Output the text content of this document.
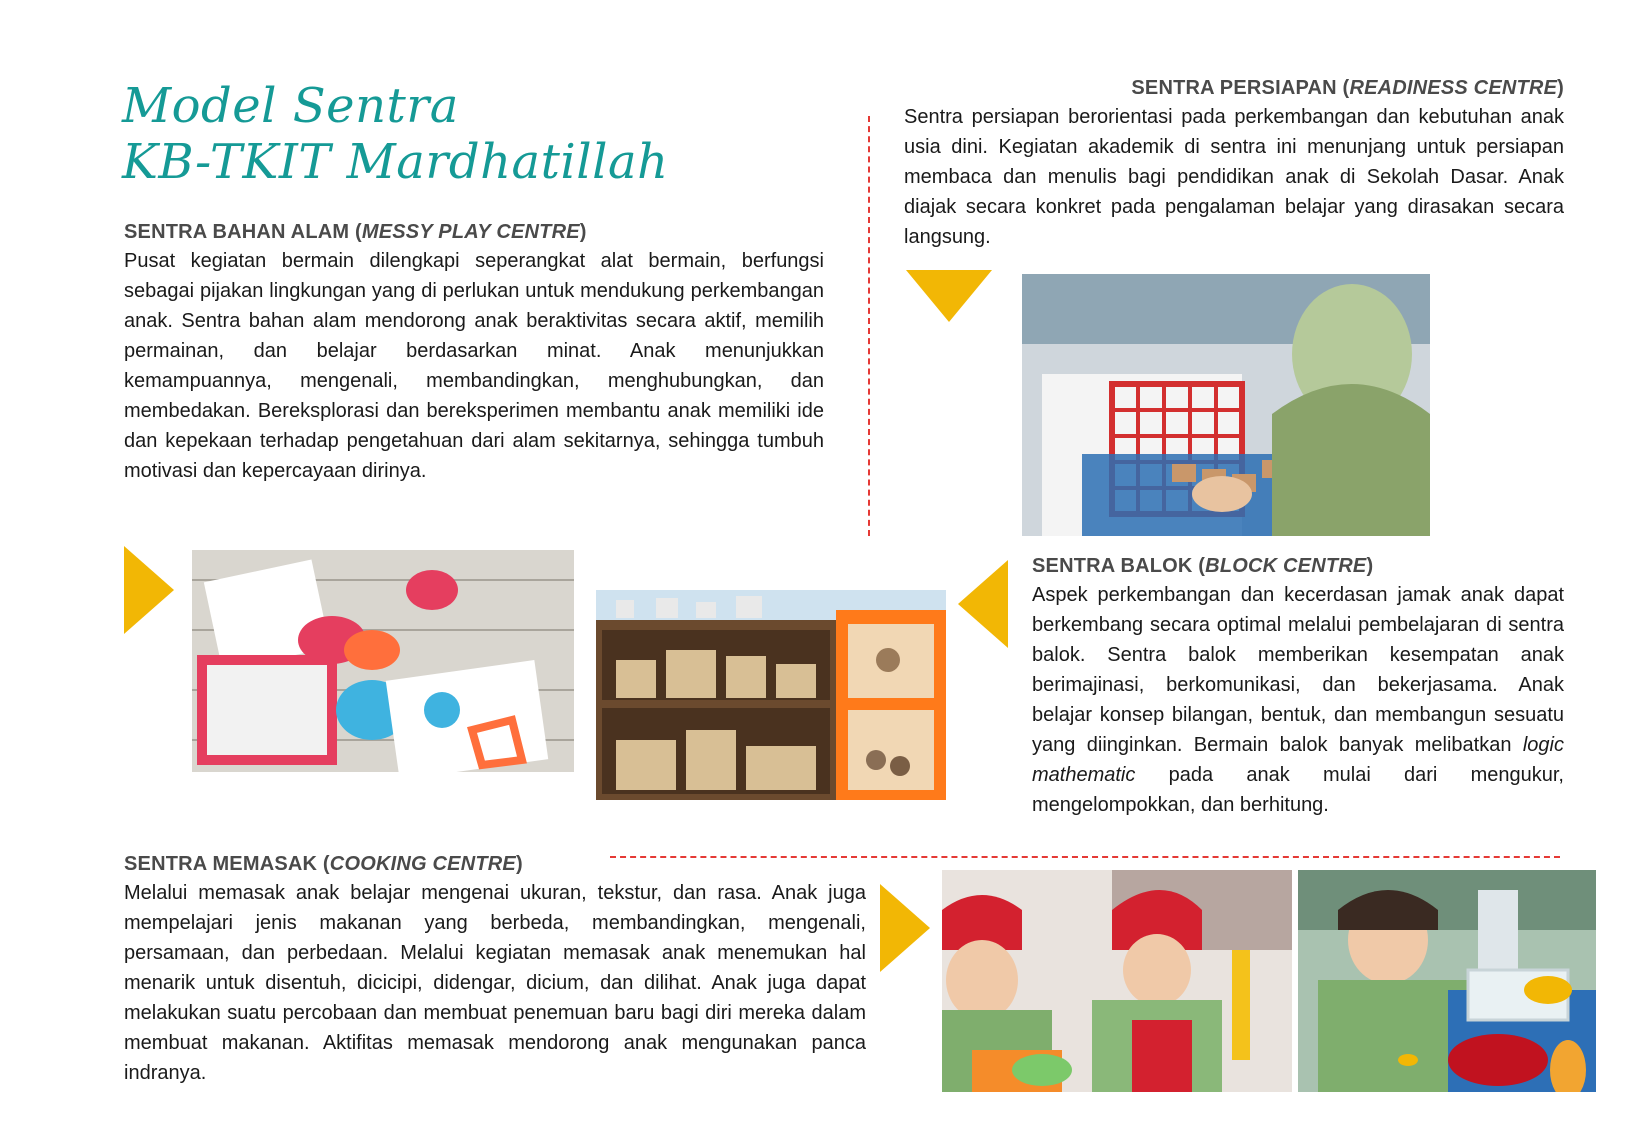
Model Sentra
KB-TKIT Mardhatillah

SENTRA PERSIAPAN (READINESS CENTRE)

Sentra persiapan berorientasi pada perkembangan dan kebutuhan anak usia dini. Kegiatan akademik di sentra ini menunjang untuk persiapan membaca dan menulis bagi pendidikan anak di Sekolah Dasar. Anak diajak secara konkret pada pengalaman belajar yang dirasakan secara langsung.

SENTRA BAHAN ALAM (MESSY PLAY CENTRE)

Pusat kegiatan bermain dilengkapi seperangkat alat bermain, berfungsi sebagai pijakan lingkungan yang di perlukan untuk mendukung perkembangan anak. Sentra bahan alam mendorong anak beraktivitas secara aktif, memilih permainan, dan belajar berdasarkan minat. Anak menunjukkan kemampuannya, mengenali, membandingkan, menghubungkan, dan membedakan. Bereksplorasi dan bereksperimen membantu anak memiliki ide dan kepekaan terhadap pengetahuan dari alam sekitarnya, sehingga tumbuh motivasi dan kepercayaan dirinya.

SENTRA BALOK (BLOCK CENTRE)

Aspek perkembangan dan kecerdasan jamak anak dapat berkembang secara optimal melalui pembelajaran di sentra balok. Sentra balok memberikan kesempatan anak berimajinasi, berkomunikasi, dan bekerjasama. Anak belajar konsep bilangan, bentuk, dan membangun sesuatu yang diinginkan. Bermain balok banyak melibatkan logic mathematic pada anak mulai dari mengukur, mengelompokkan, dan berhitung.

SENTRA MEMASAK (COOKING CENTRE)

Melalui memasak anak belajar mengenai ukuran, tekstur, dan rasa. Anak juga mempelajari jenis makanan yang berbeda, membandingkan, mengenali, persamaan, dan perbedaan. Melalui kegiatan memasak anak menemukan hal menarik untuk disentuh, dicicipi, didengar, dicium, dan dilihat. Anak juga dapat melakukan suatu percobaan dan membuat penemuan baru bagi diri mereka dalam membuat makanan. Aktifitas memasak mendorong anak mengunakan panca indranya.
